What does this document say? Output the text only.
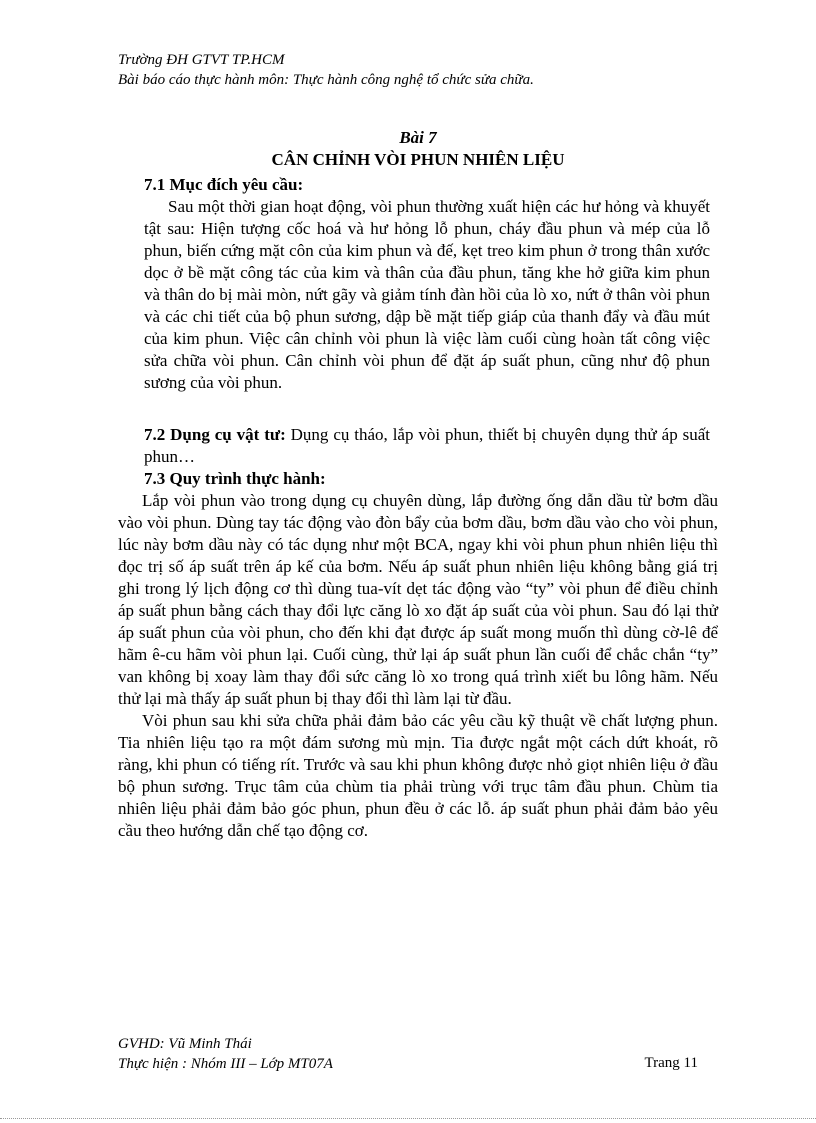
Trường ĐH GTVT TP.HCM
Bài báo cáo thực hành môn: Thực hành công nghệ tổ chức sửa chữa.
Bài 7
CÂN CHỈNH VÒI PHUN NHIÊN LIỆU
7.1 Mục đích yêu cầu:

Sau một thời gian hoạt động, vòi phun thường xuất hiện các hư hỏng và khuyết tật sau: Hiện tượng cốc hoá và hư hỏng lỗ phun, cháy đầu phun và mép của lỗ phun, biến cứng mặt côn của kim phun và đế, kẹt treo kim phun ở trong thân xước dọc ở bề mặt công tác của kim và thân của đầu phun, tăng khe hở giữa kim phun và thân do bị mài mòn, nứt gãy và giảm tính đàn hồi của lò xo, nứt ở thân vòi phun và các chi tiết của bộ phun sương, dập bề mặt tiếp giáp của thanh đẩy và đầu mút của kim phun. Việc cân chỉnh vòi phun là việc làm cuối cùng hoàn tất công việc sửa chữa vòi phun. Cân chỉnh vòi phun để đặt áp suất phun, cũng như độ phun sương của vòi phun.

7.2 Dụng cụ vật tư: Dụng cụ tháo, lắp vòi phun, thiết bị chuyên dụng thử áp suất phun…

7.3 Quy trình thực hành:

Lắp vòi phun vào trong dụng cụ chuyên dùng, lắp đường ống dẫn dầu từ bơm dầu vào vòi phun. Dùng tay tác động vào đòn bẩy của bơm dầu, bơm dầu vào cho vòi phun, lúc này bơm dầu này có tác dụng như một BCA, ngay khi vòi phun phun nhiên liệu thì đọc trị số áp suất trên áp kế của bơm. Nếu áp suất phun nhiên liệu không bằng giá trị ghi trong lý lịch động cơ thì dùng tua-vít dẹt tác động vào “ty” vòi phun để điều chỉnh áp suất phun bằng cách thay đổi lực căng lò xo đặt áp suất của vòi phun. Sau đó lại thử áp suất phun của vòi phun, cho đến khi đạt được áp suất mong muốn thì dùng cờ-lê để hãm ê-cu hãm vòi phun lại. Cuối cùng, thử lại áp suất phun lần cuối để chắc chắn “ty” van không bị xoay làm thay đổi sức căng lò xo trong quá trình xiết bu lông hãm. Nếu thử lại mà thấy áp suất phun bị thay đổi thì làm lại từ đầu.

Vòi phun sau khi sửa chữa phải đảm bảo các yêu cầu kỹ thuật về chất lượng phun. Tia nhiên liệu tạo ra một đám sương mù mịn. Tia được ngắt một cách dứt khoát, rõ ràng, khi phun có tiếng rít. Trước và sau khi phun không được nhỏ giọt nhiên liệu ở đầu bộ phun sương. Trục tâm của chùm tia phải trùng với trục tâm đầu phun. Chùm tia nhiên liệu phải đảm bảo góc phun, phun đều ở các lỗ. áp suất phun phải đảm bảo yêu cầu theo hướng dẫn chế tạo động cơ.

GVHD: Vũ Minh Thái
Thực hiện : Nhóm III – Lớp MT07A	Trang 11
